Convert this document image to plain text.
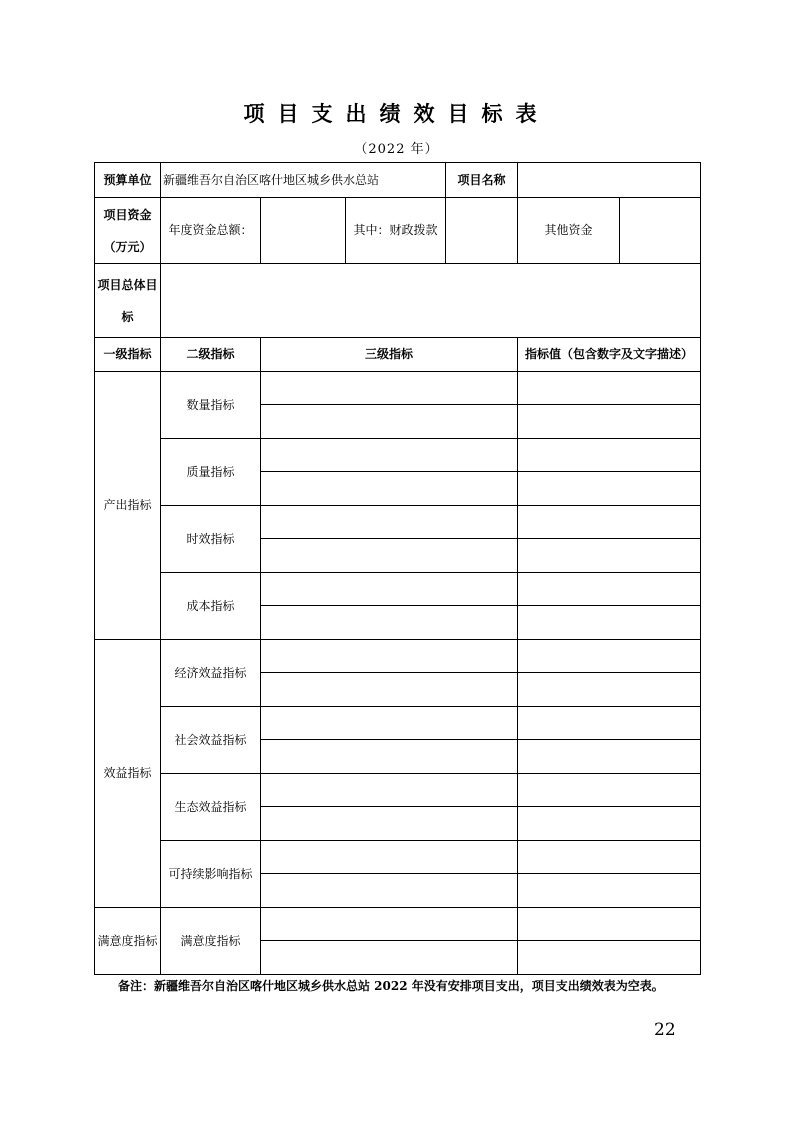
项目支出绩效目标表
（2022 年）
预算单位	新疆维吾尔自治区喀什地区城乡供水总站			项目名称		
项目资金（万元）	年度资金总额：		其中：财政拨款		其他资金	
项目总体目标						
一级指标	二级指标	三级指标			指标值（包含数字及文字描述）	
产出指标	数量指标					

	质量指标					

	时效指标					

	成本指标					

效益指标	经济效益指标					

	社会效益指标					

	生态效益指标					

	可持续影响指标					

满意度指标	满意度指标					

备注：新疆维吾尔自治区喀什地区城乡供水总站 2022 年没有安排项目支出，项目支出绩效表为空表。
22
